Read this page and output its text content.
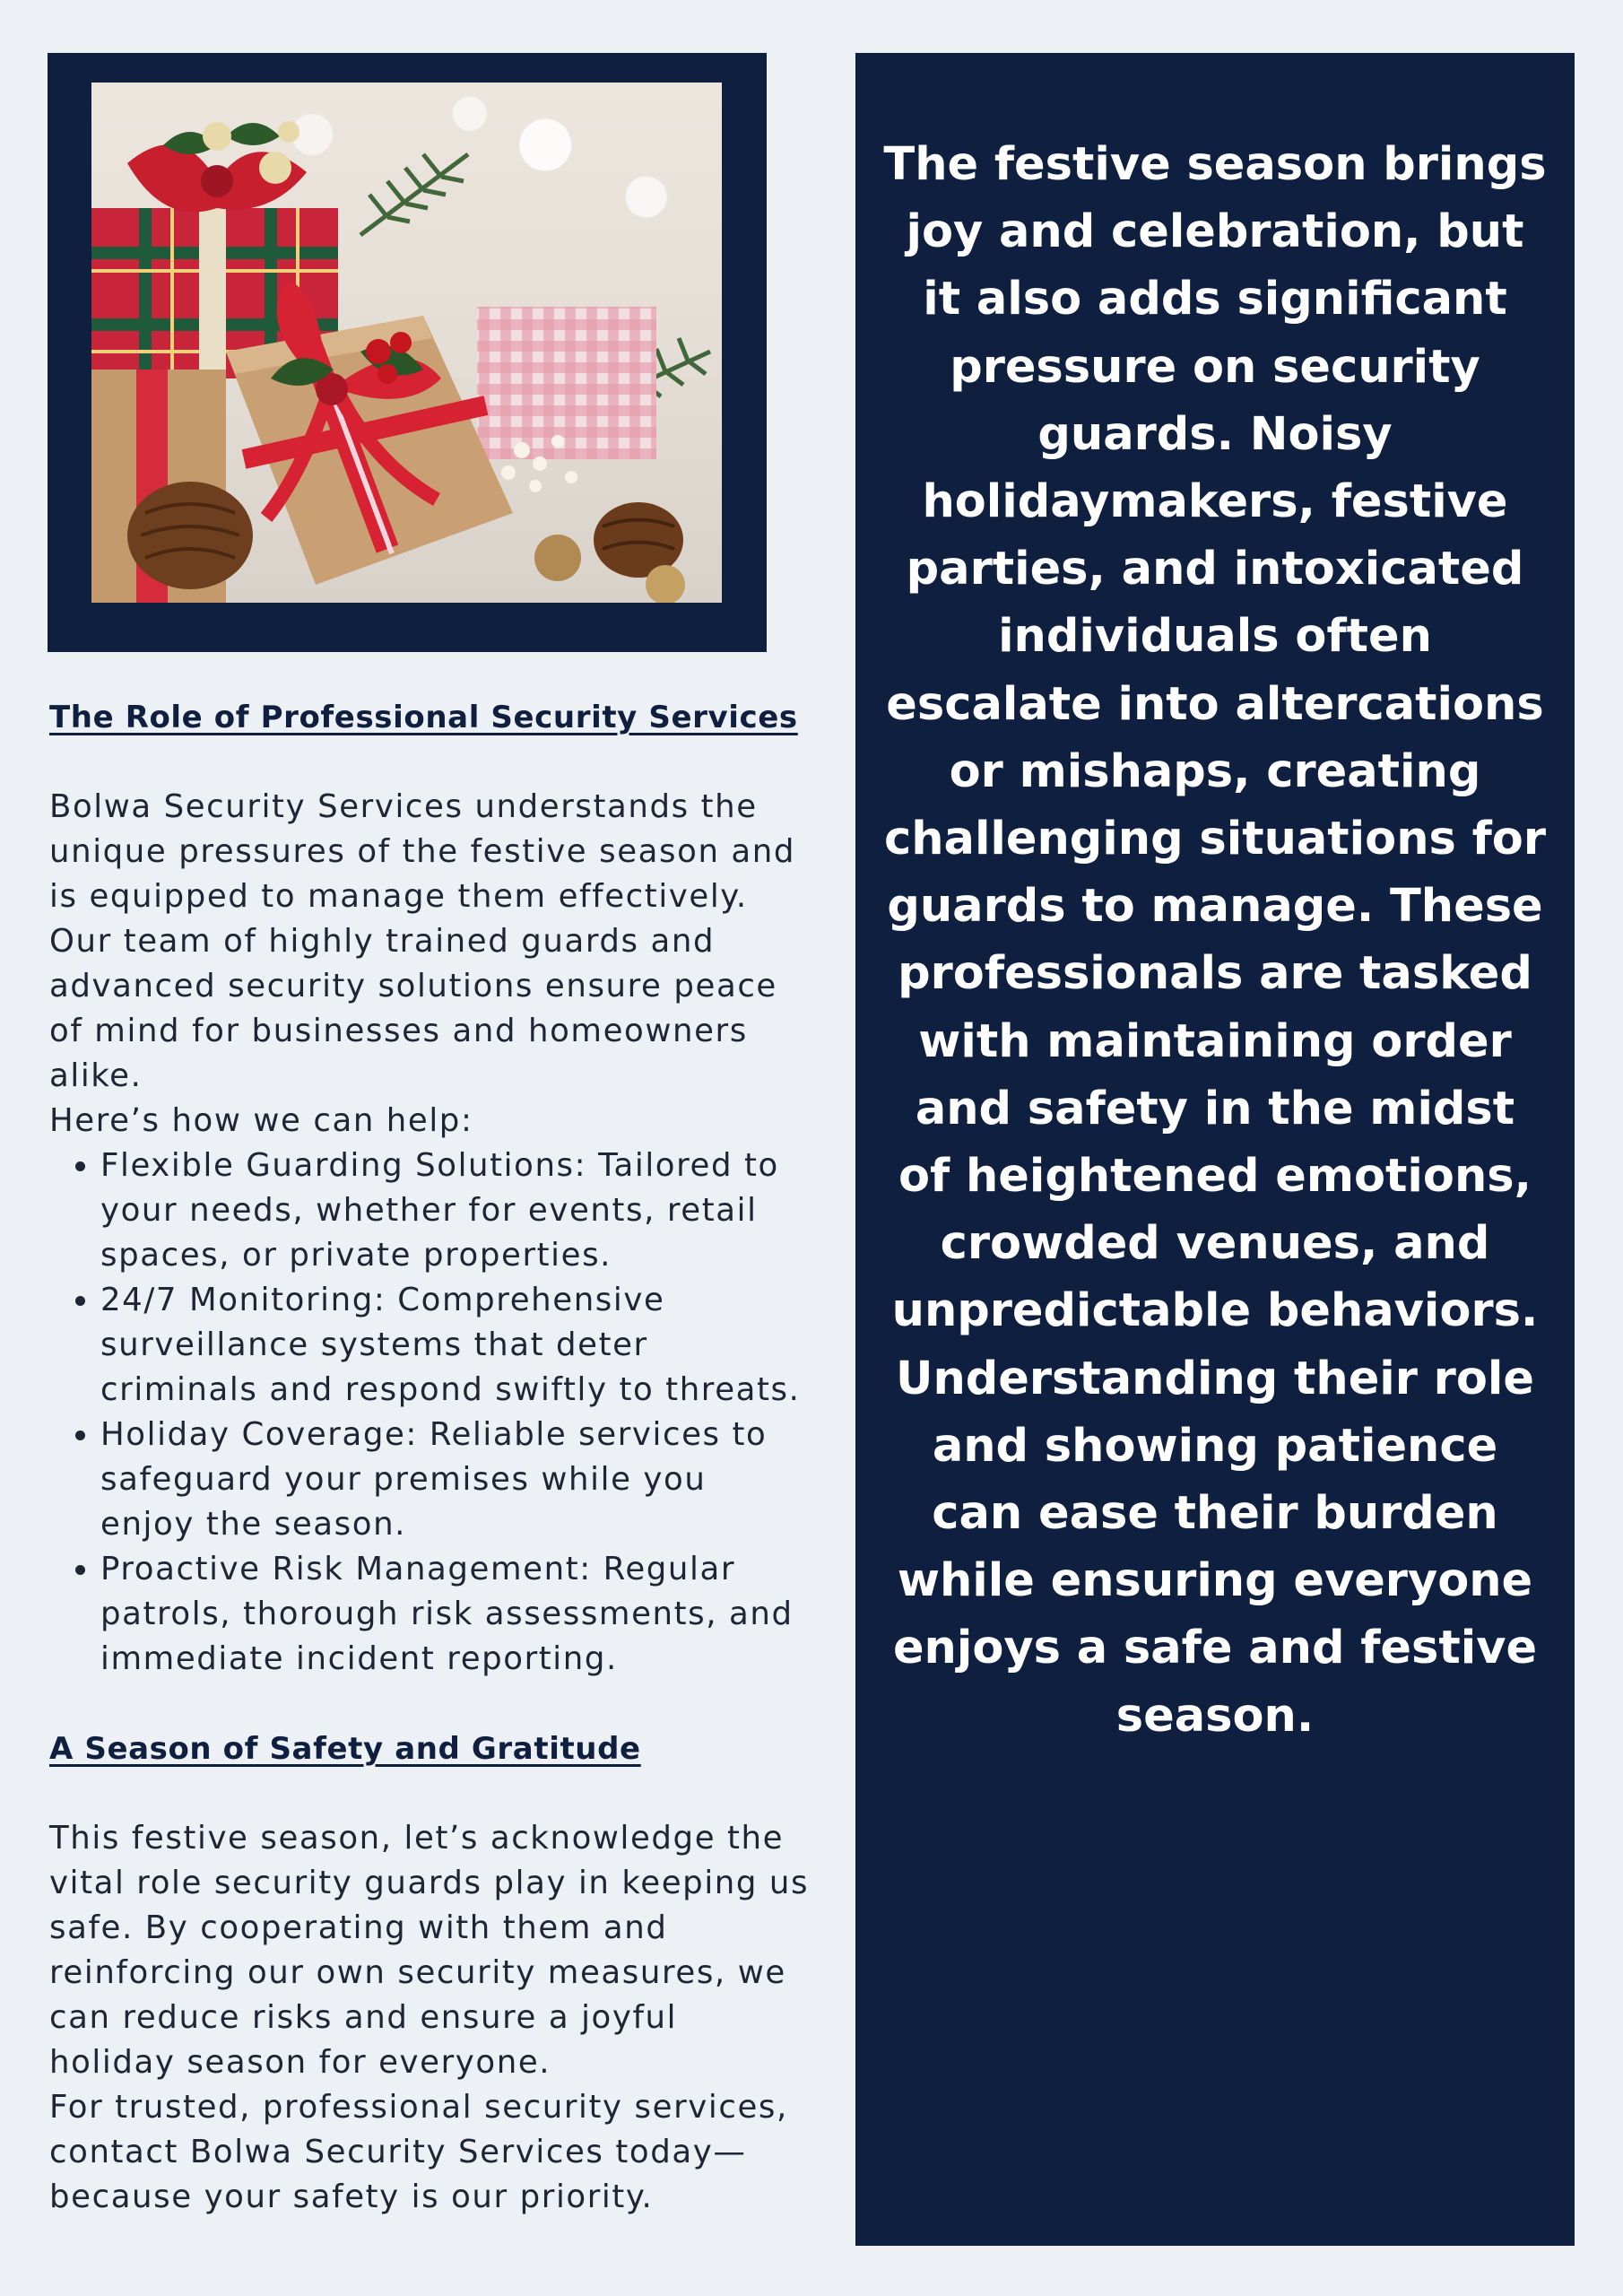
The Role of Professional Security Services

Bolwa Security Services understands the unique pressures of the festive season and is equipped to manage them effectively. Our team of highly trained guards and advanced security solutions ensure peace of mind for businesses and homeowners alike.

Here’s how we can help:

• Flexible Guarding Solutions: Tailored to your needs, whether for events, retail spaces, or private properties.
• 24/7 Monitoring: Comprehensive surveillance systems that deter criminals and respond swiftly to threats.
• Holiday Coverage: Reliable services to safeguard your premises while you enjoy the season.
• Proactive Risk Management: Regular patrols, thorough risk assessments, and immediate incident reporting.
A Season of Safety and Gratitude

This festive season, let’s acknowledge the vital role security guards play in keeping us safe. By cooperating with them and reinforcing our own security measures, we can reduce risks and ensure a joyful holiday season for everyone.

For trusted, professional security services, contact Bolwa Security Services today—because your safety is our priority.

The festive season brings joy and celebration, but it also adds significant pressure on security guards. Noisy holidaymakers, festive parties, and intoxicated individuals often escalate into altercations or mishaps, creating challenging situations for guards to manage. These professionals are tasked with maintaining order and safety in the midst of heightened emotions, crowded venues, and unpredictable behaviors. Understanding their role and showing patience can ease their burden while ensuring everyone enjoys a safe and festive season.
